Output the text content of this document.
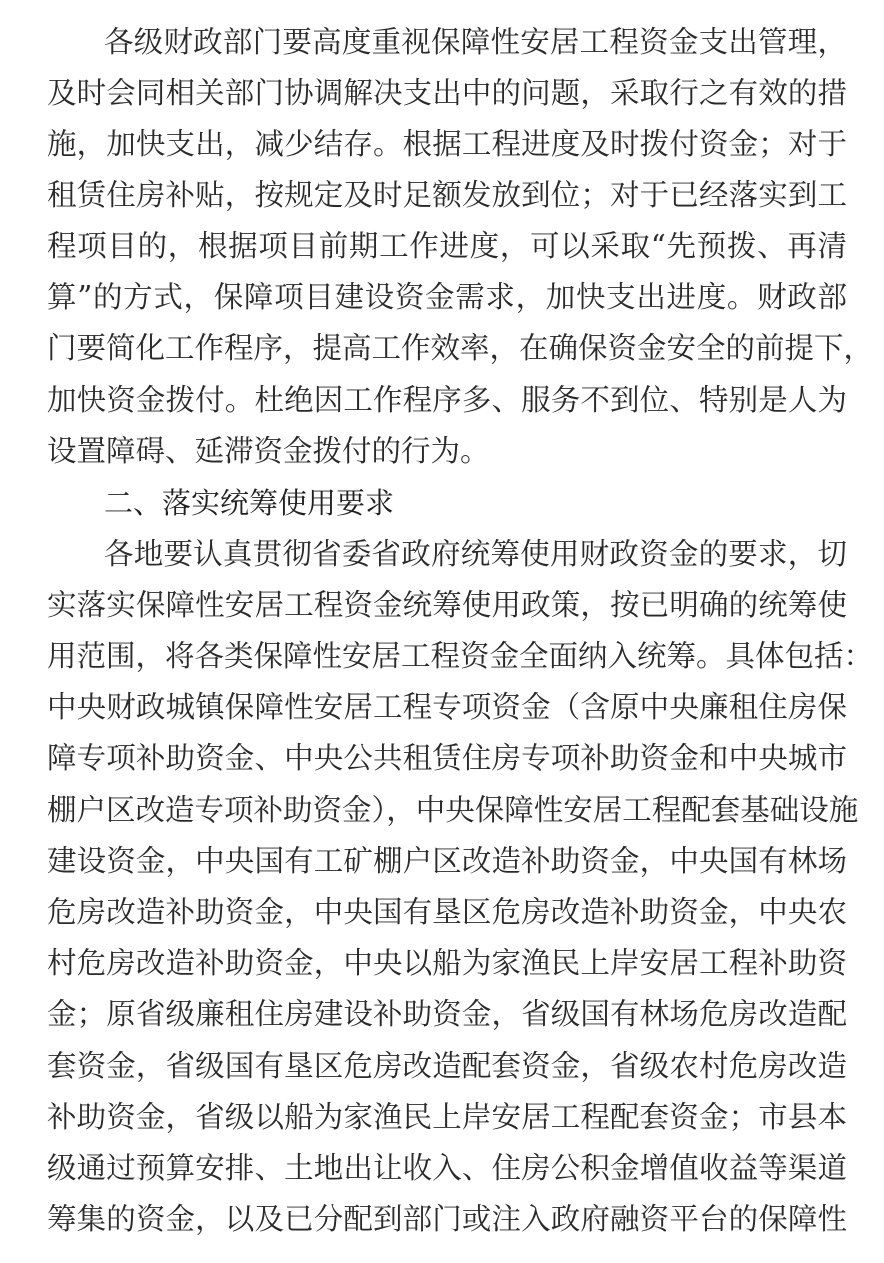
各级财政部门要高度重视保障性安居工程资金支出管理，
及时会同相关部门协调解决支出中的问题，采取行之有效的措
施，加快支出，减少结存。根据工程进度及时拨付资金；对于
租赁住房补贴，按规定及时足额发放到位；对于已经落实到工
程项目的，根据项目前期工作进度，可以采取“先预拨、再清
算”的方式，保障项目建设资金需求，加快支出进度。财政部
门要简化工作程序，提高工作效率，在确保资金安全的前提下，
加快资金拨付。杜绝因工作程序多、服务不到位、特别是人为
设置障碍、延滞资金拨付的行为。
二、落实统筹使用要求
各地要认真贯彻省委省政府统筹使用财政资金的要求，切
实落实保障性安居工程资金统筹使用政策，按已明确的统筹使
用范围，将各类保障性安居工程资金全面纳入统筹。具体包括：
中央财政城镇保障性安居工程专项资金（含原中央廉租住房保
障专项补助资金、中央公共租赁住房专项补助资金和中央城市
棚户区改造专项补助资金），中央保障性安居工程配套基础设施
建设资金，中央国有工矿棚户区改造补助资金，中央国有林场
危房改造补助资金，中央国有垦区危房改造补助资金，中央农
村危房改造补助资金，中央以船为家渔民上岸安居工程补助资
金；原省级廉租住房建设补助资金，省级国有林场危房改造配
套资金，省级国有垦区危房改造配套资金，省级农村危房改造
补助资金，省级以船为家渔民上岸安居工程配套资金；市县本
级通过预算安排、土地出让收入、住房公积金增值收益等渠道
筹集的资金，以及已分配到部门或注入政府融资平台的保障性
